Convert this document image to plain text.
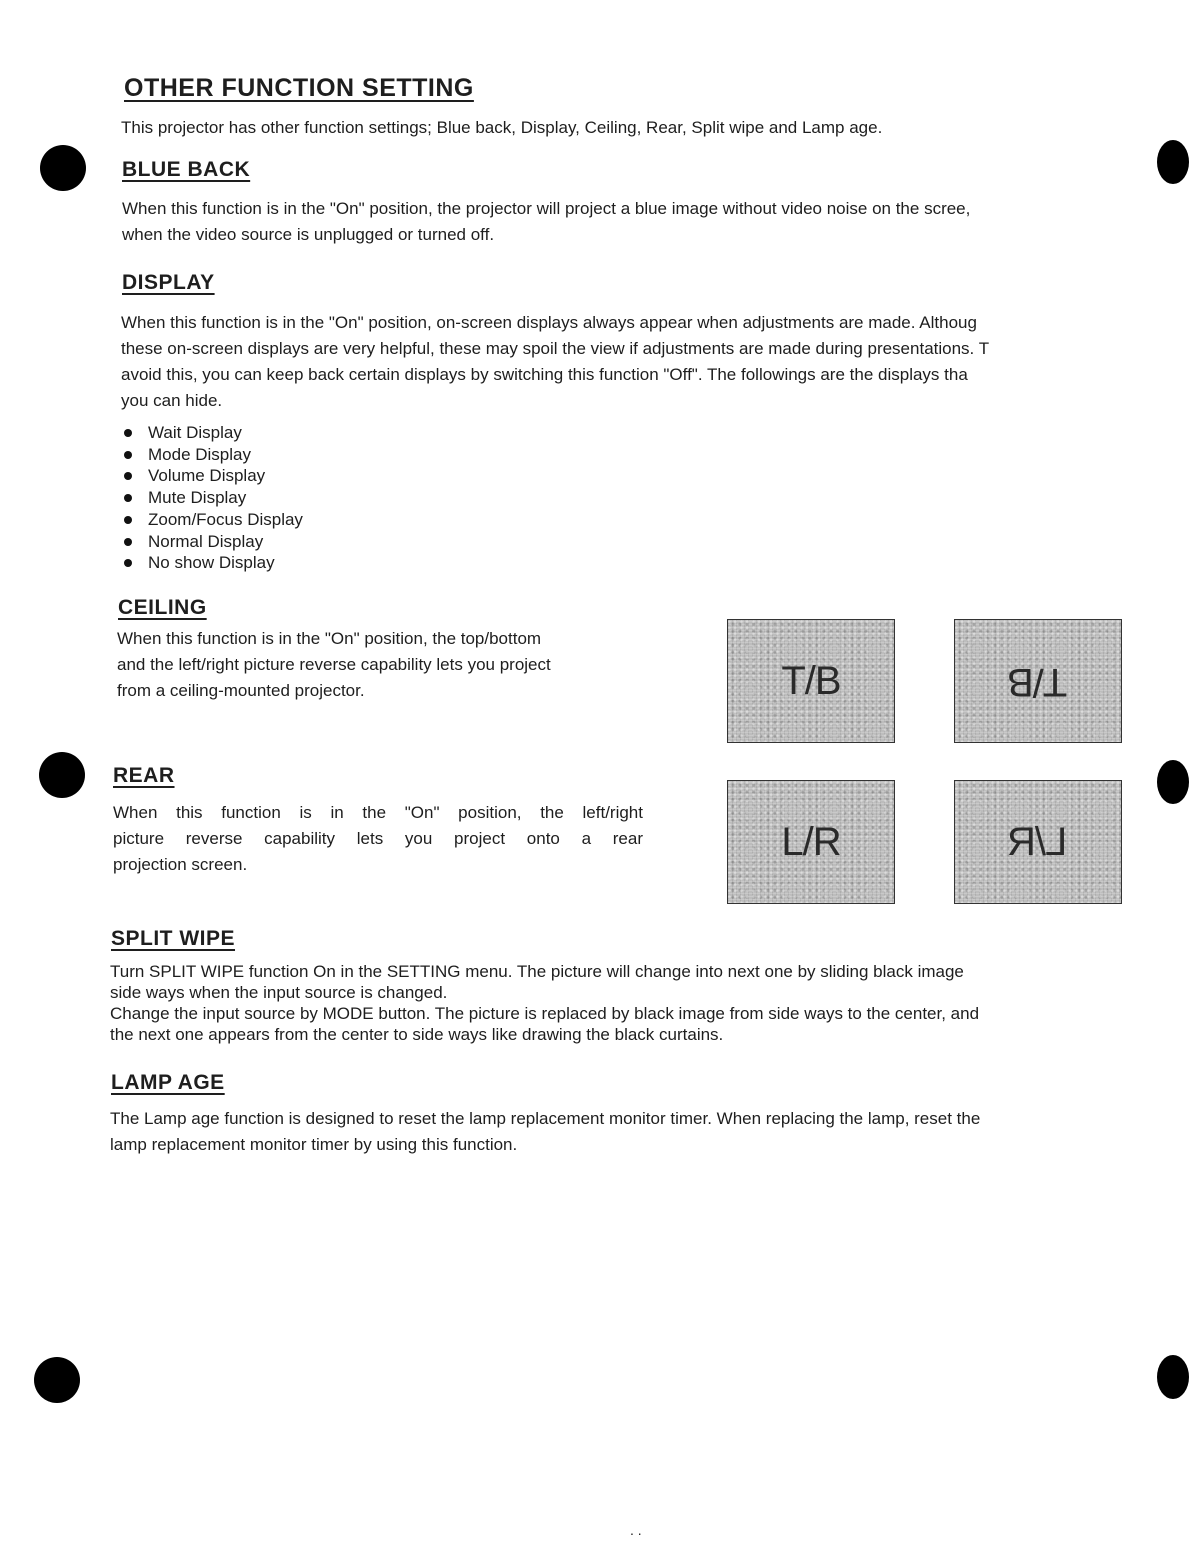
OTHER FUNCTION SETTING
This projector has other function settings; Blue back, Display, Ceiling, Rear, Split wipe and Lamp age.
BLUE BACK
When this function is in the "On" position, the projector will project a blue image without video noise on the scree,
when the video source is unplugged or turned off.
DISPLAY
When this function is in the "On" position, on-screen displays always appear when adjustments are made. Althoug
these on-screen displays are very helpful, these may spoil the view if adjustments are made during presentations. T
avoid this, you can keep back certain displays by switching this function "Off". The followings are the displays tha
you can hide.
Wait Display
Mode Display
Volume Display
Mute Display
Zoom/Focus Display
Normal Display
No show Display
CEILING
When this function is in the "On" position, the top/bottom
and the left/right picture reverse capability lets you project
from a ceiling-mounted projector.	T/B	T/B
REAR
When this function is in the "On" position, the left/right
picture reverse capability lets you project onto a rear
projection screen.
L/R	L/R
SPLIT WIPE
Turn SPLIT WIPE function On in the SETTING menu. The picture will change into next one by sliding black image
side ways when the input source is changed.
Change the input source by MODE button. The picture is replaced by black image from side ways to the center, and
the next one appears from the center to side ways like drawing the black curtains.
LAMP AGE
The Lamp age function is designed to reset the lamp replacement monitor timer. When replacing the lamp, reset the
lamp replacement monitor timer by using this function.
. .
